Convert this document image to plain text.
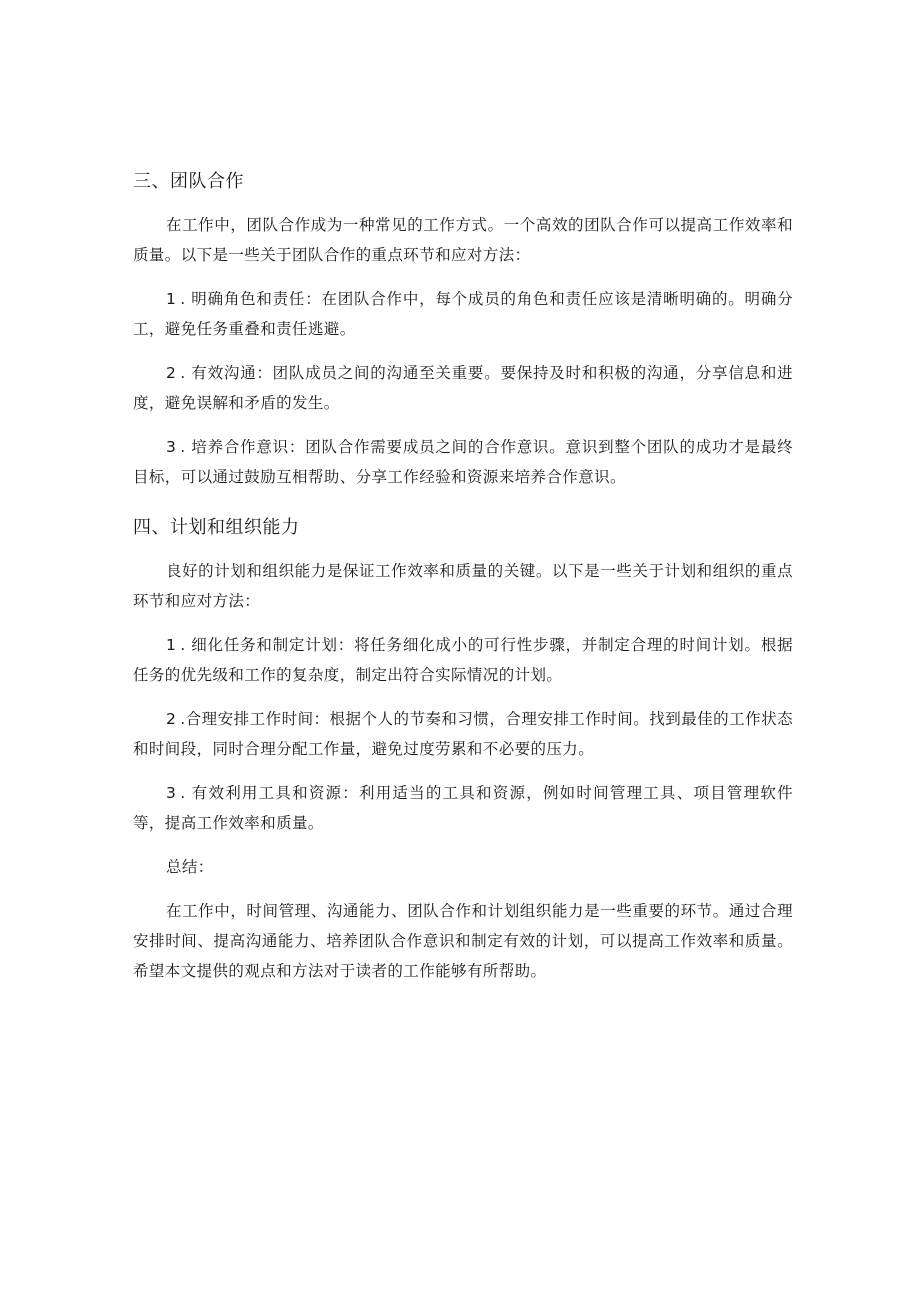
三、团队合作

在工作中，团队合作成为一种常见的工作方式。一个高效的团队合作可以提高工作效率和质量。以下是一些关于团队合作的重点环节和应对方法：

1 . 明确角色和责任：在团队合作中，每个成员的角色和责任应该是清晰明确的。明确分工，避免任务重叠和责任逃避。

2 . 有效沟通：团队成员之间的沟通至关重要。要保持及时和积极的沟通，分享信息和进度，避免误解和矛盾的发生。

3 . 培养合作意识：团队合作需要成员之间的合作意识。意识到整个团队的成功才是最终目标，可以通过鼓励互相帮助、分享工作经验和资源来培养合作意识。

四、计划和组织能力

良好的计划和组织能力是保证工作效率和质量的关键。以下是一些关于计划和组织的重点环节和应对方法：

1 . 细化任务和制定计划：将任务细化成小的可行性步骤，并制定合理的时间计划。根据任务的优先级和工作的复杂度，制定出符合实际情况的计划。

2 .合理安排工作时间：根据个人的节奏和习惯，合理安排工作时间。找到最佳的工作状态和时间段，同时合理分配工作量，避免过度劳累和不必要的压力。

3 . 有效利用工具和资源：利用适当的工具和资源，例如时间管理工具、项目管理软件等，提高工作效率和质量。

总结：

在工作中，时间管理、沟通能力、团队合作和计划组织能力是一些重要的环节。通过合理安排时间、提高沟通能力、培养团队合作意识和制定有效的计划，可以提高工作效率和质量。希望本文提供的观点和方法对于读者的工作能够有所帮助。
